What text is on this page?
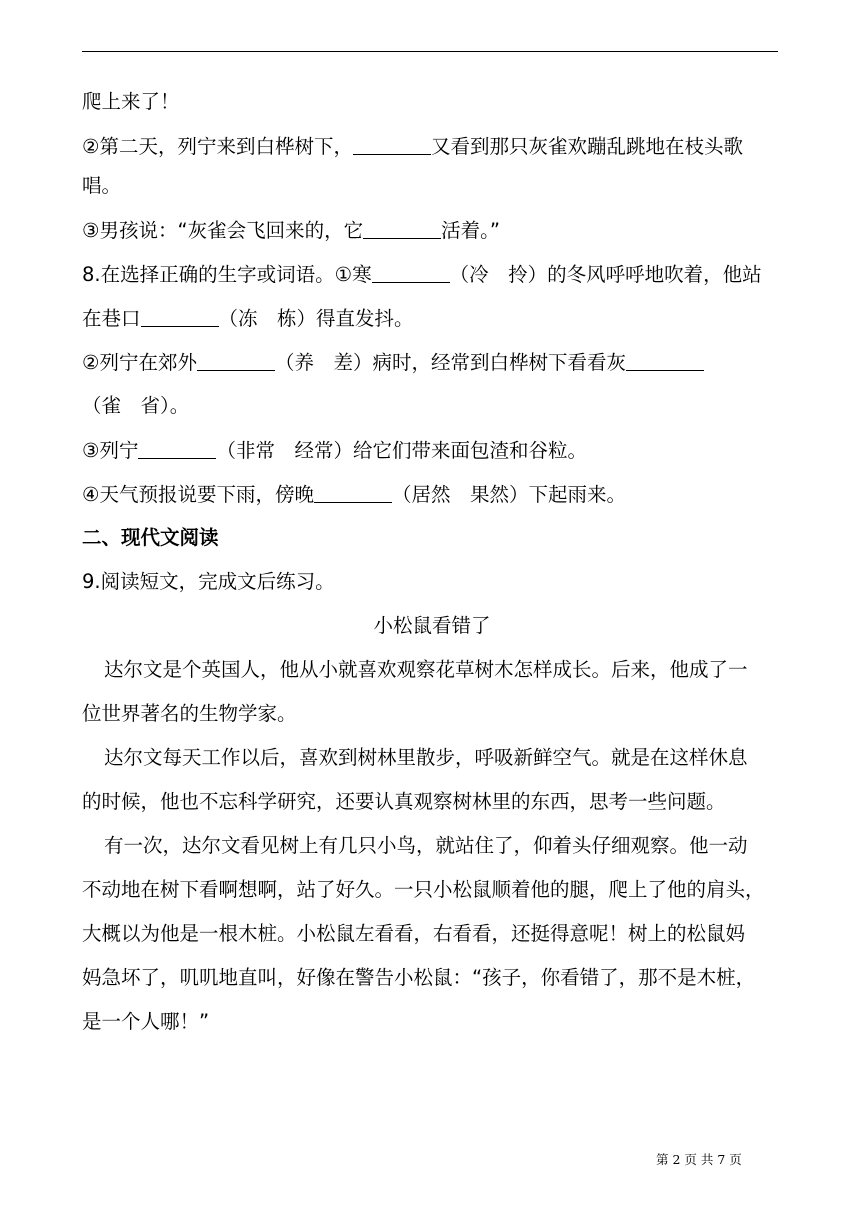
爬上来了！
②第二天，列宁来到白桦树下，	又看到那只灰雀欢蹦乱跳地在枝头歌
唱。
③男孩说：“灰雀会飞回来的，它	活着。”
8.在选择正确的生字或词语。①寒	（冷　拎）的冬风呼呼地吹着，他站
在巷口	（冻　栋）得直发抖。
②列宁在郊外	（养　差）病时，经常到白桦树下看看灰
（雀　省）。
③列宁	（非常　经常）给它们带来面包渣和谷粒。
④天气预报说要下雨，傍晚	（居然　果然）下起雨来。
二、现代文阅读
9.阅读短文，完成文后练习。
小松鼠看错了
达尔文是个英国人，他从小就喜欢观察花草树木怎样成长。后来，他成了一
位世界著名的生物学家。
达尔文每天工作以后，喜欢到树林里散步，呼吸新鲜空气。就是在这样休息
的时候，他也不忘科学研究，还要认真观察树林里的东西，思考一些问题。
有一次，达尔文看见树上有几只小鸟，就站住了，仰着头仔细观察。他一动
不动地在树下看啊想啊，站了好久。一只小松鼠顺着他的腿，爬上了他的肩头，
大概以为他是一根木桩。小松鼠左看看，右看看，还挺得意呢！树上的松鼠妈
妈急坏了，叽叽地直叫，好像在警告小松鼠：“孩子，你看错了，那不是木桩，
是一个人哪！”
第 2 页 共 7 页
